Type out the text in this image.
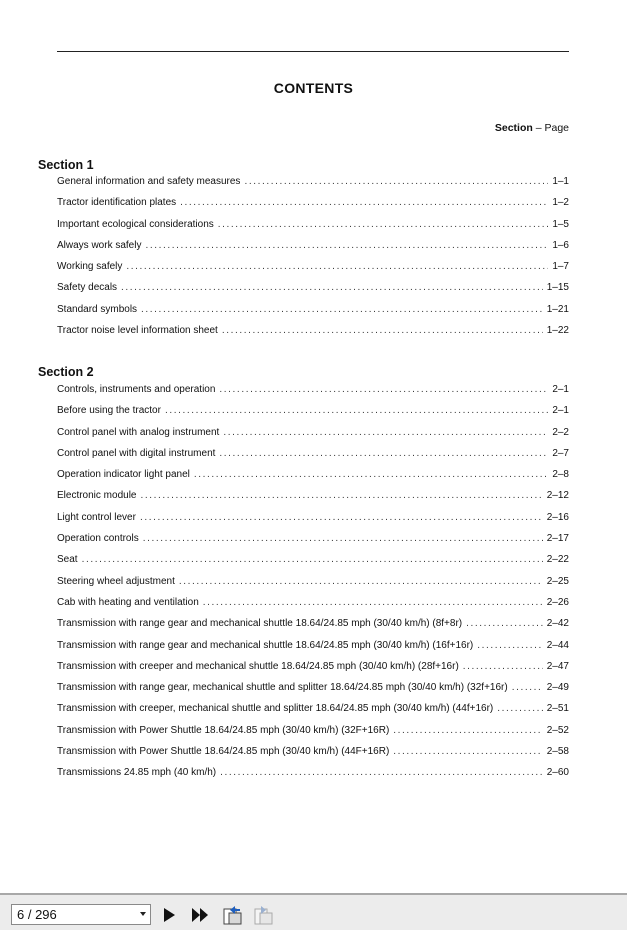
CONTENTS
Section – Page
Section 1
General information and safety measures .....	1–1
Tractor identification plates .....	1–2
Important ecological considerations .....	1–5
Always work safely .....	1–6
Working safely .....	1–7
Safety decals .....	1–15
Standard symbols .....	1–21
Tractor noise level information sheet .....	1–22
Section 2
Controls, instruments and operation .....	2–1
Before using the tractor .....	2–1
Control panel with analog instrument .....	2–2
Control panel with digital instrument .....	2–7
Operation indicator light panel .....	2–8
Electronic module .....	2–12
Light control lever .....	2–16
Operation controls .....	2–17
Seat .....	2–22
Steering wheel adjustment .....	2–25
Cab with heating and ventilation .....	2–26
Transmission with range gear and mechanical shuttle 18.64/24.85 mph (30/40 km/h) (8f+8r) .....	2–42
Transmission with range gear and mechanical shuttle 18.64/24.85 mph (30/40 km/h) (16f+16r) .....	2–44
Transmission with creeper and mechanical shuttle 18.64/24.85 mph (30/40 km/h) (28f+16r) .....	2–47
Transmission with range gear, mechanical shuttle and splitter 18.64/24.85 mph (30/40 km/h) (32f+16r) .....	2–49
Transmission with creeper, mechanical shuttle and splitter 18.64/24.85 mph (30/40 km/h) (44f+16r) .....	2–51
Transmission with Power Shuttle 18.64/24.85 mph (30/40 km/h) (32F+16R) .....	2–52
Transmission with Power Shuttle 18.64/24.85 mph (30/40 km/h) (44F+16R) .....	2–58
Transmissions 24.85 mph (40 km/h) .....	2–60
6 / 296
